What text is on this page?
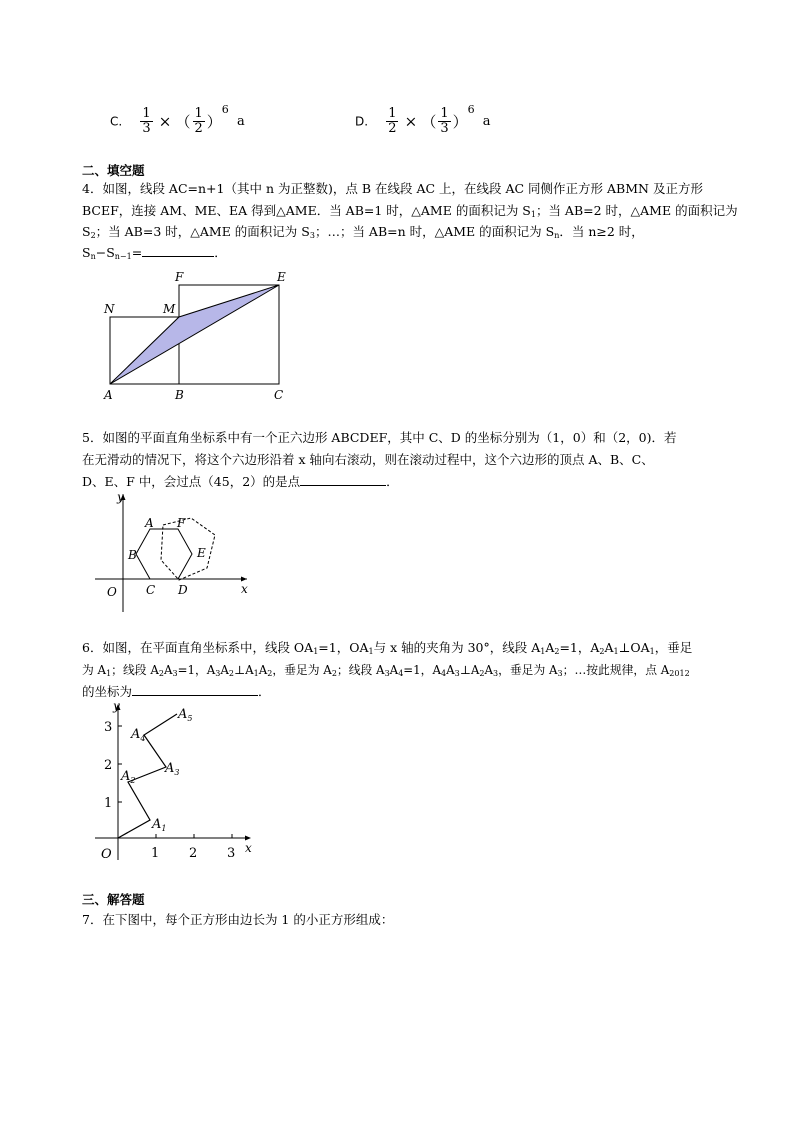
C. $\frac{1}{3}$ × （ $\frac{1}{2} )^6$ a	D. $\frac{1}{2}$ × （ $\frac{1}{3} )^6$ a
二、填空题
4．如图，线段 AC=n+1（其中 n 为正整数)，点 B 在线段 AC 上，在线段 AC 同侧作正方形 ABMN 及正方形
BCEF，连接 AM、ME、EA 得到△AME．当 AB=1 时，△AME 的面积记为 $S_1$；当 AB=2 时，△AME 的面积记为
$S_2$；当 AB=3 时，△AME 的面积记为 $S_3$；…；当 AB=n 时，△AME 的面积记为 $S_n$．当 n≥2 时，
$S_n-S_{n-1}=$	．
N	M
F	E
A	B	C
5．如图的平面直角坐标系中有一个正六边形 ABCDEF，其中 C、D 的坐标分别为（1，0）和（2，0)．若
在无滑动的情况下，将这个六边形沿着 x 轴向右滚动，则在滚动过程中，这个六边形的顶点 A、B、C、
D、E、F 中，会过点（45，2）的是点	．
y
x
O
A
B
C D
E
F
6．如图，在平面直角坐标系中，线段 $OA_1=1$，$OA_1$与 x 轴的夹角为 30°，线段 $A_1A_2=1$，$A_2A_1\perp OA_1$，垂足
为 $A_1$；线段 $A_2A_3=1$，$A_3A_2\perp A_1A_2$，垂足为 $A_2$；线段 $A_3A_4=1$，$A_4A_3\perp A_2A_3$，垂足为 $A_3$；…按此规律，点 $A_{2012}$
的坐标为	．
y
x
O	1 2 3
1
2
3
$A_1$
$A_2$
$A_3$
$A_4$
$A_5$
三、解答题
7．在下图中，每个正方形由边长为 1 的小正方形组成：
